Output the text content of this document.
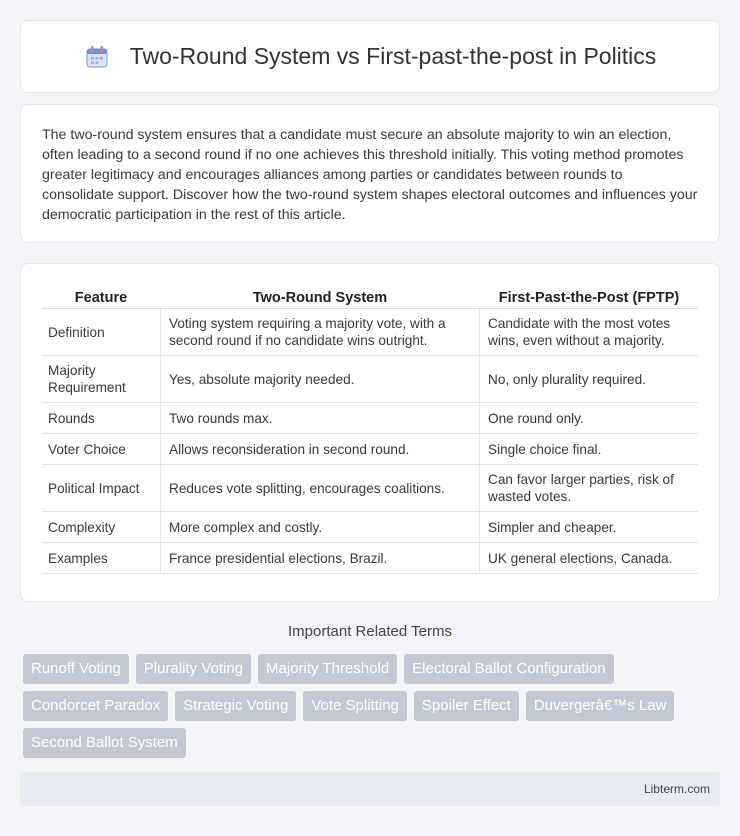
Two-Round System vs First-past-the-post in Politics

The two-round system ensures that a candidate must secure an absolute majority to win an election, often leading to a second round if no one achieves this threshold initially. This voting method promotes greater legitimacy and encourages alliances among parties or candidates between rounds to consolidate support. Discover how the two-round system shapes electoral outcomes and influences your democratic participation in the rest of this article.

Feature	Two-Round System	First-Past-the-Post (FPTP)
Definition	Voting system requiring a majority vote, with a second round if no candidate wins outright.	Candidate with the most votes wins, even without a majority.
Majority Requirement	Yes, absolute majority needed.	No, only plurality required.
Rounds	Two rounds max.	One round only.
Voter Choice	Allows reconsideration in second round.	Single choice final.
Political Impact	Reduces vote splitting, encourages coalitions.	Can favor larger parties, risk of wasted votes.
Complexity	More complex and costly.	Simpler and cheaper.
Examples	France presidential elections, Brazil.	UK general elections, Canada.
Important Related Terms
Runoff Voting	Plurality Voting	Majority Threshold	Electoral Ballot Configuration
Condorcet Paradox	Strategic Voting	Vote Splitting	Spoiler Effect	Duvergerâ€™s Law
Second Ballot System
Libterm.com
